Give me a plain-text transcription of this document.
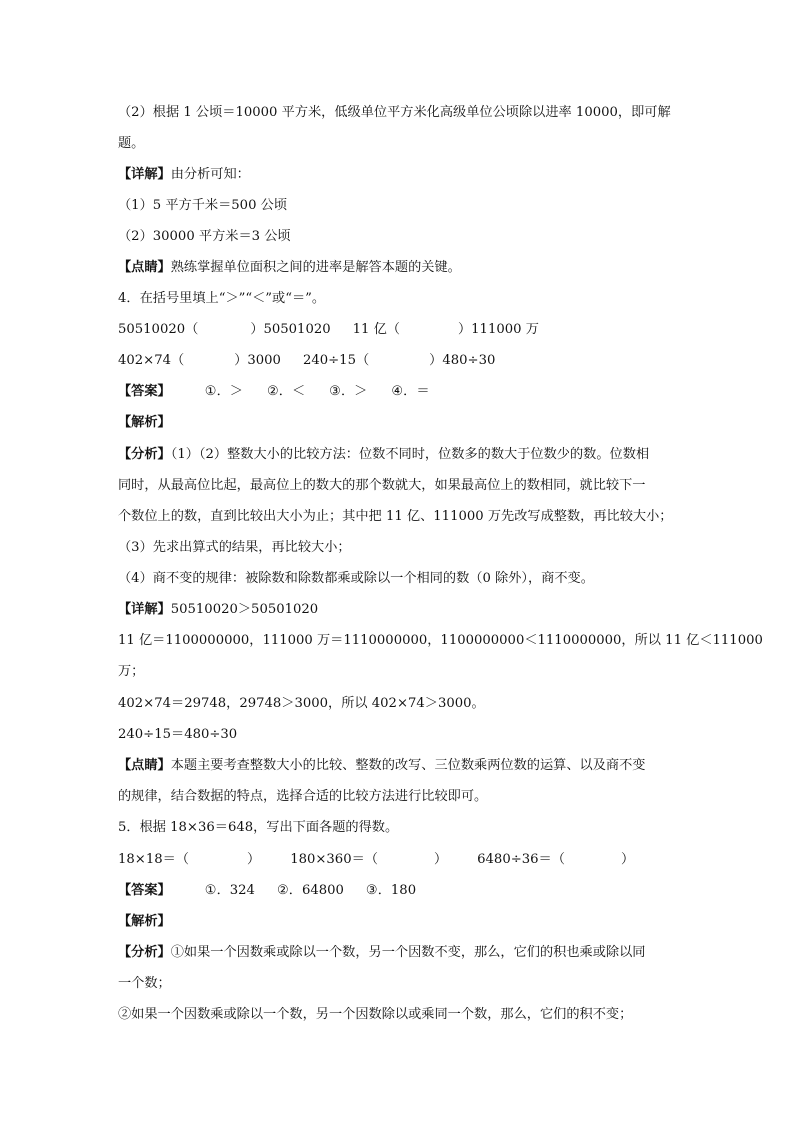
（2）根据 1 公顷＝10000 平方米，低级单位平方米化高级单位公顷除以进率 10000，即可解
题。
【详解】由分析可知：
（1）5 平方千米＝500 公顷
（2）30000 平方米＝3 公顷
【点睛】熟练掌握单位面积之间的进率是解答本题的关键。
4．在括号里填上“＞”“＜”或“＝”。
50510020（	）50501020 11 亿（	）111000 万
402×74（	）3000 240÷15（	）480÷30
【答案】	①．＞ ②．＜ ③．＞ ④．＝
【解析】
【分析】（1）（2）整数大小的比较方法：位数不同时，位数多的数大于位数少的数。位数相
同时，从最高位比起，最高位上的数大的那个数就大，如果最高位上的数相同，就比较下一
个数位上的数，直到比较出大小为止；其中把 11 亿、111000 万先改写成整数，再比较大小；
（3）先求出算式的结果，再比较大小；
（4）商不变的规律：被除数和除数都乘或除以一个相同的数（0 除外），商不变。
【详解】50510020＞50501020
11 亿＝1100000000，111000 万＝1110000000，1100000000＜1110000000，所以 11 亿＜111000
万；
402×74＝29748，29748＞3000，所以 402×74＞3000。
240÷15＝480÷30
【点睛】本题主要考查整数大小的比较、整数的改写、三位数乘两位数的运算、以及商不变
的规律，结合数据的特点，选择合适的比较方法进行比较即可。
5．根据 18×36＝648，写出下面各题的得数。
18×18＝（	） 180×360＝（	） 6480÷36＝（	）
【答案】	①．324 ②．64800 ③．180
【解析】
【分析】①如果一个因数乘或除以一个数，另一个因数不变，那么，它们的积也乘或除以同
一个数；
②如果一个因数乘或除以一个数，另一个因数除以或乘同一个数，那么，它们的积不变；
